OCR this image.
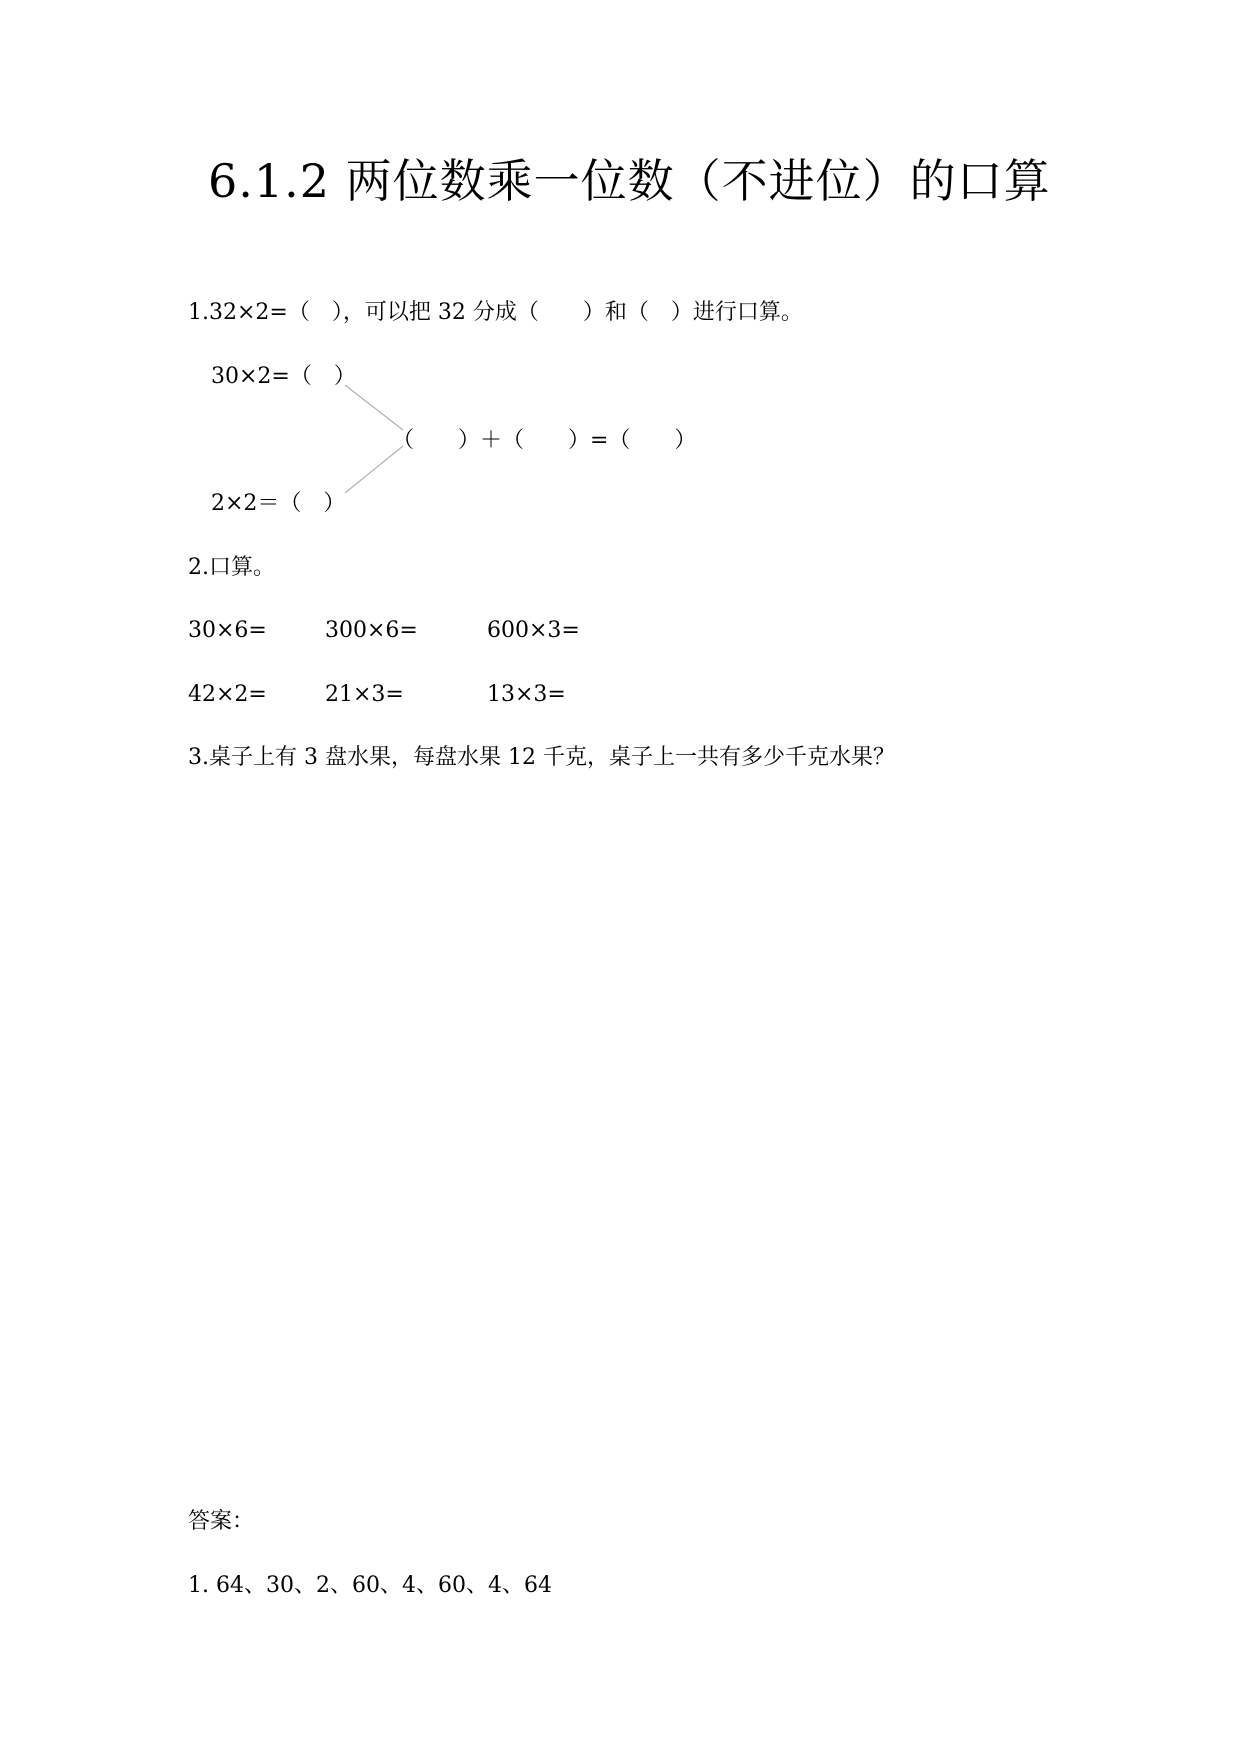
6.1.2 两位数乘一位数（不进位）的口算
1.32×2=（　），可以把 32 分成（　　）和（　）进行口算。
30×2=（　）
（　　）＋（　　）=（　　）
2×2＝（　）
2.口算。
30×6=	300×6=	600×3=
42×2=	21×3=	13×3=
3.桌子上有 3 盘水果，每盘水果 12 千克，桌子上一共有多少千克水果？
答案：
1. 64、30、2、60、4、60、4、64
